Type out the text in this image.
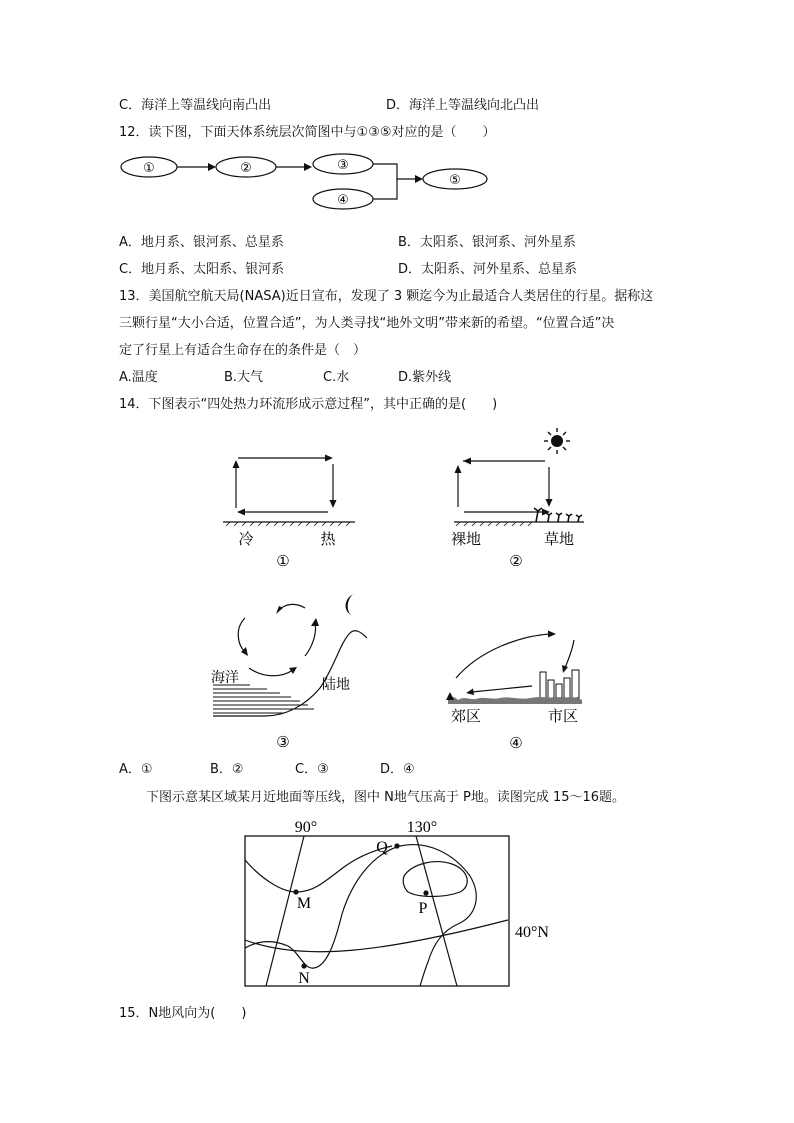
C．海洋上等温线向南凸出	D．海洋上等温线向北凸出
12．读下图，下面天体系统层次简图中与①③⑤对应的是（　　）
①	②	③
④
⑤
A．地月系、银河系、总星系	B．太阳系、银河系、河外星系
C．地月系、太阳系、银河系	D．太阳系、河外星系、总星系
13．美国航空航天局(NASA)近日宣布，发现了 3 颗迄今为止最适合人类居住的行星。据称这
三颗行星“大小合适，位置合适”，为人类寻找“地外文明”带来新的希望。“位置合适”决
定了行星上有适合生命存在的条件是（　）
A.温度	B.大气	C.水	D.紫外线
14．下图表示“四处热力环流形成示意过程”，其中正确的是(　　)
冷	热
①
裸地	草地
②
海洋	陆地
③
郊区	市区
④
A．①	B．②	C．③	D．④
下图示意某区域某月近地面等压线，图中 N地气压高于 P地。读图完成 15～16题。
90°	130°
M
Q
P
N
40°N
15．N地风向为(　　)
